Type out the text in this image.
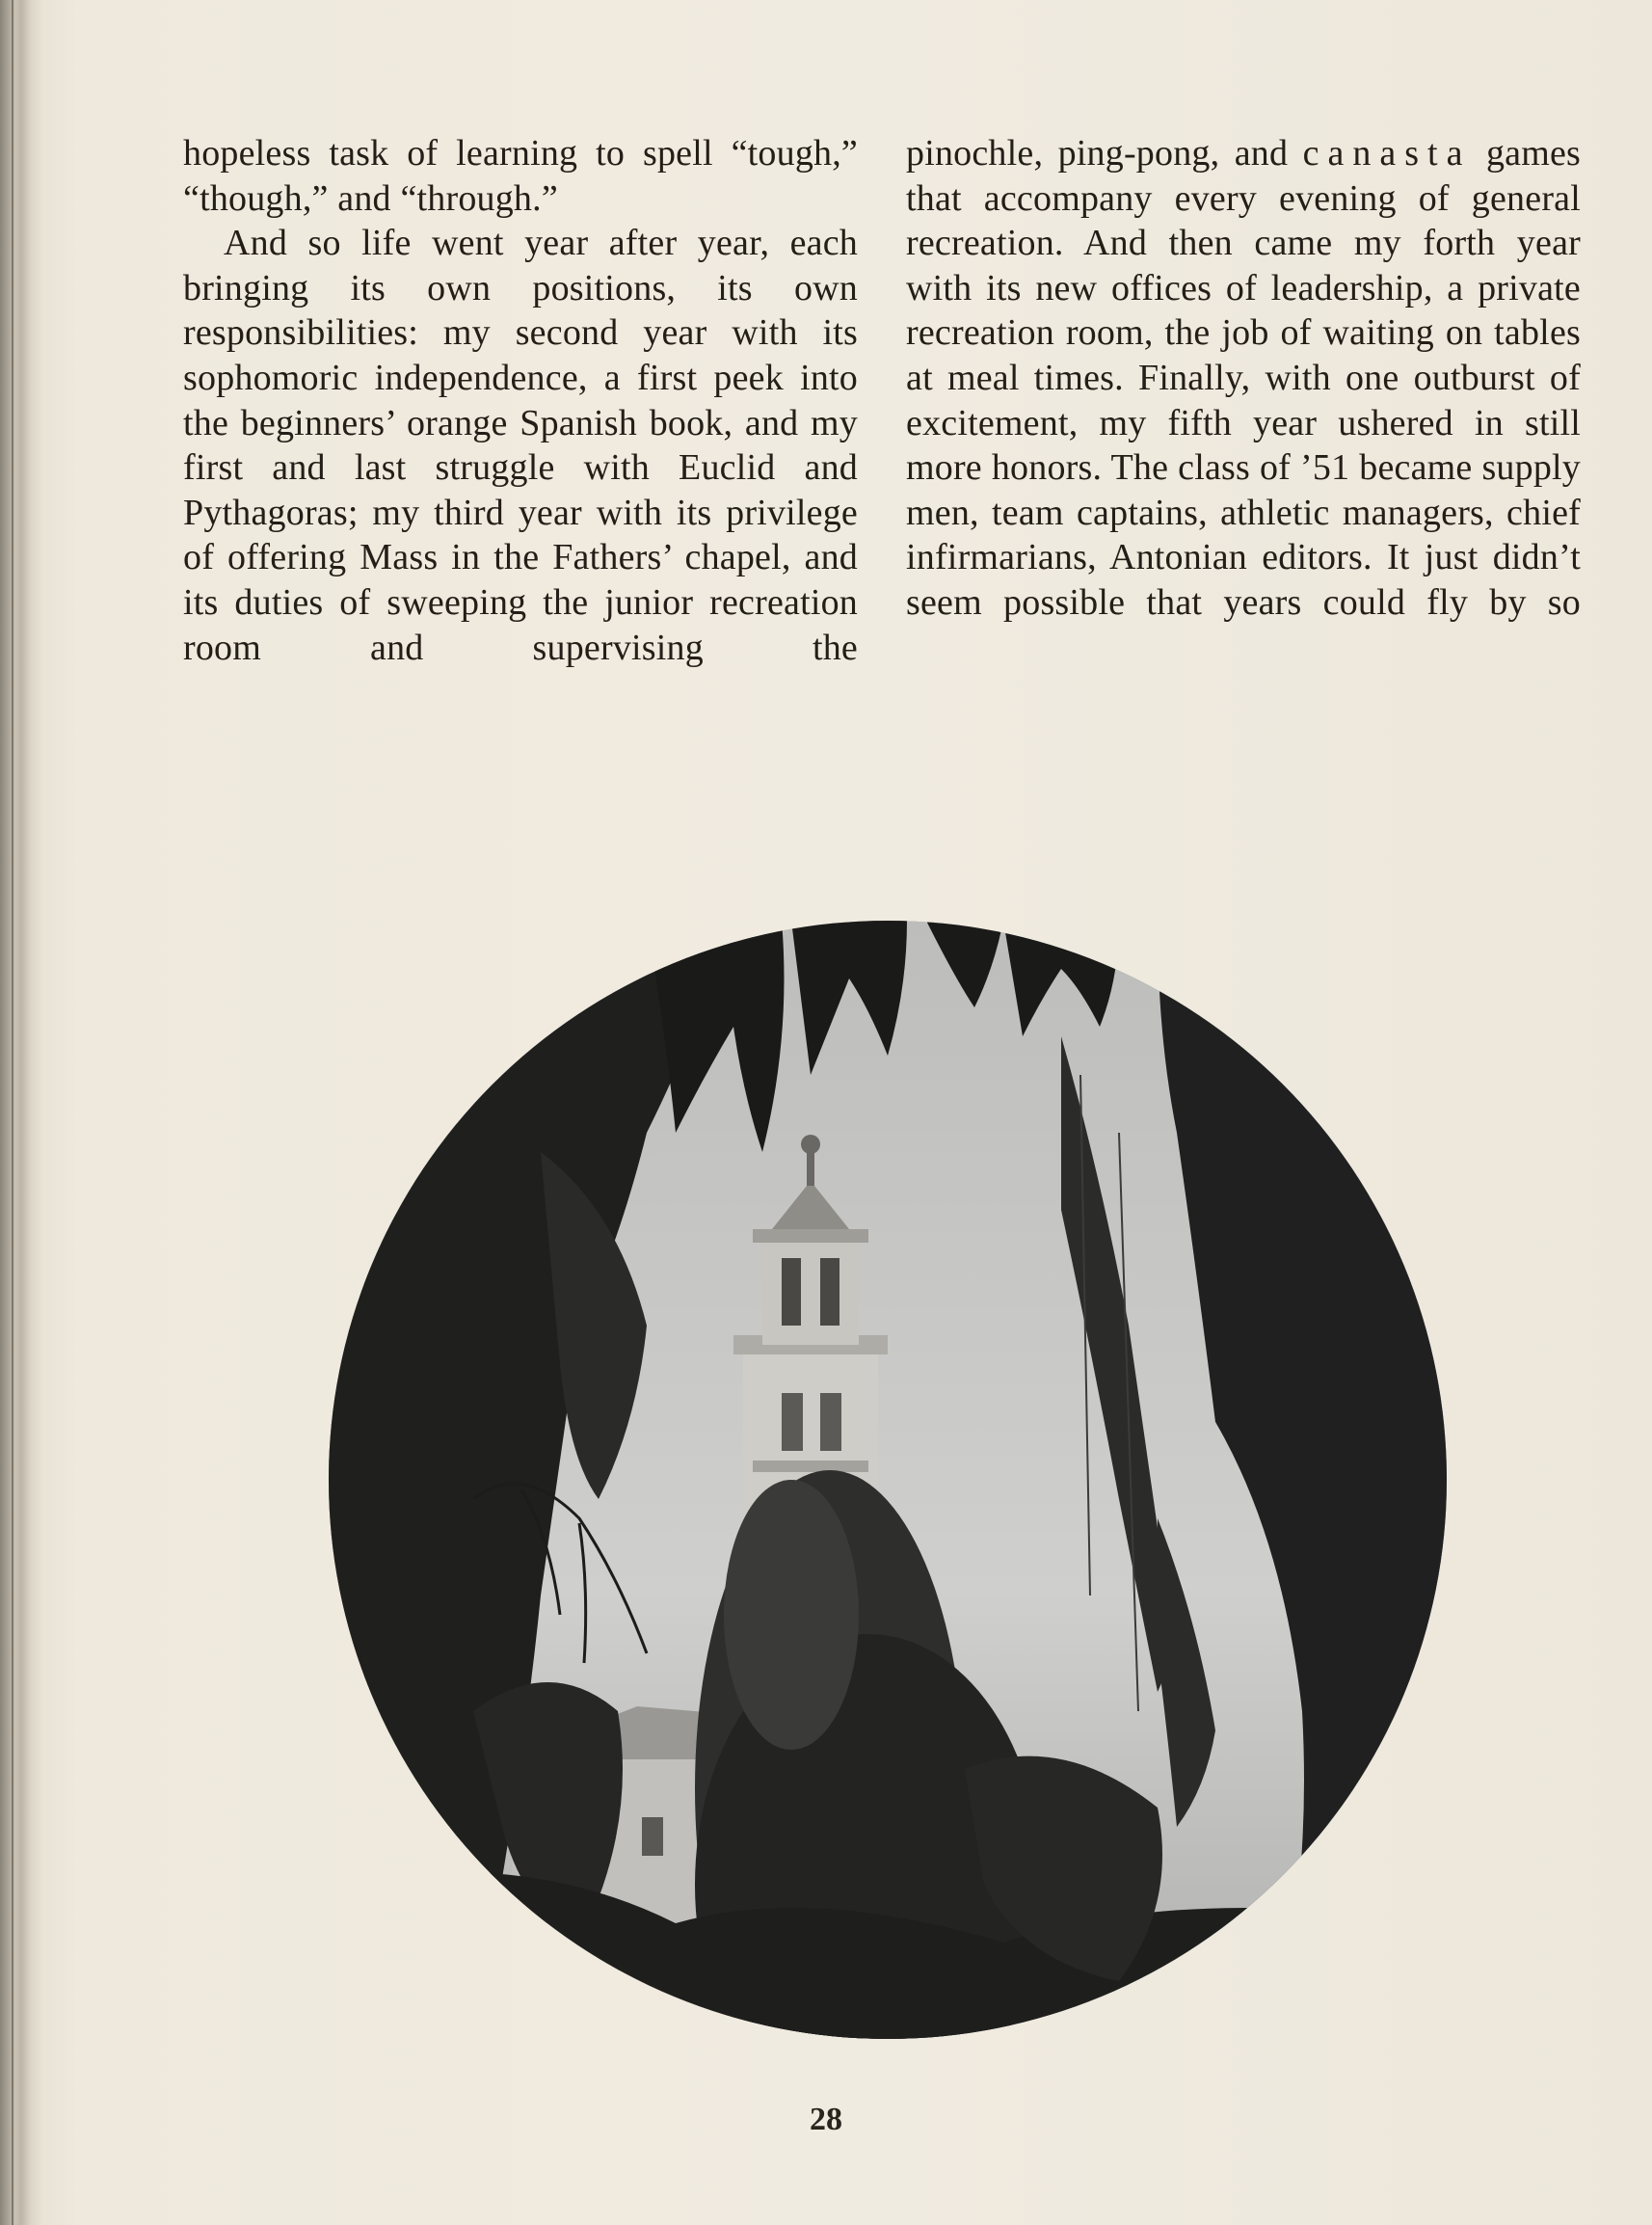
hopeless task of learning to spell “tough,” “though,” and “through.”

And so life went year after year, each bringing its own positions, its own responsibilities: my second year with its sophomoric independence, a first peek into the beginners’ orange Spanish book, and my first and last struggle with Euclid and Pythagoras; my third year with its privilege of offering Mass in the Fathers’ chapel, and its duties of sweeping the junior recreation room and supervising the

pinochle, ping-pong, and canasta games that accompany every evening of general recreation. And then came my forth year with its new offices of leadership, a private recreation room, the job of waiting on tables at meal times. Finally, with one outburst of excitement, my fifth year ushered in still more honors. The class of ’51 became supply men, team captains, athletic managers, chief infirmarians, Antonian editors. It just didn’t seem possible that years could fly by so

28
